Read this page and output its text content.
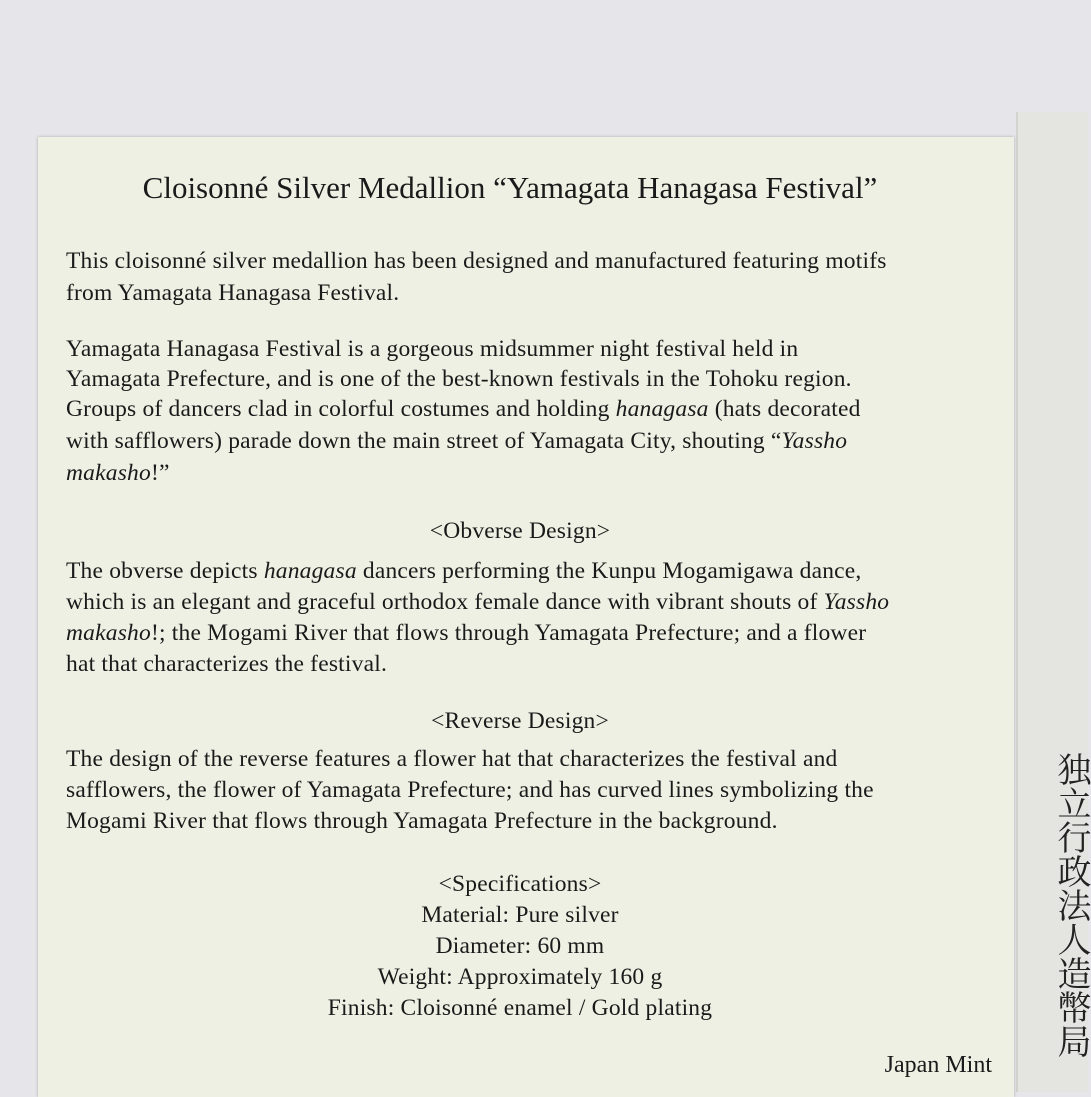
独立行政法人造幣局
Cloisonné Silver Medallion “Yamagata Hanagasa Festival”
This cloisonné silver medallion has been designed and manufactured featuring motifs
from Yamagata Hanagasa Festival.
Yamagata Hanagasa Festival is a gorgeous midsummer night festival held in
Yamagata Prefecture, and is one of the best-known festivals in the Tohoku region.
Groups of dancers clad in colorful costumes and holding hanagasa (hats decorated
with safflowers) parade down the main street of Yamagata City, shouting “Yassho
makasho!”
The obverse depicts hanagasa dancers performing the Kunpu Mogamigawa dance,
which is an elegant and graceful orthodox female dance with vibrant shouts of Yassho
makasho!; the Mogami River that flows through Yamagata Prefecture; and a flower
hat that characterizes the festival.
The design of the reverse features a flower hat that characterizes the festival and
safflowers, the flower of Yamagata Prefecture; and has curved lines symbolizing the
Mogami River that flows through Yamagata Prefecture in the background.
<Obverse Design>
<Reverse Design>
<Specifications>
Material: Pure silver
Diameter: 60 mm
Weight: Approximately 160 g
Finish: Cloisonné enamel / Gold plating
Japan Mint
